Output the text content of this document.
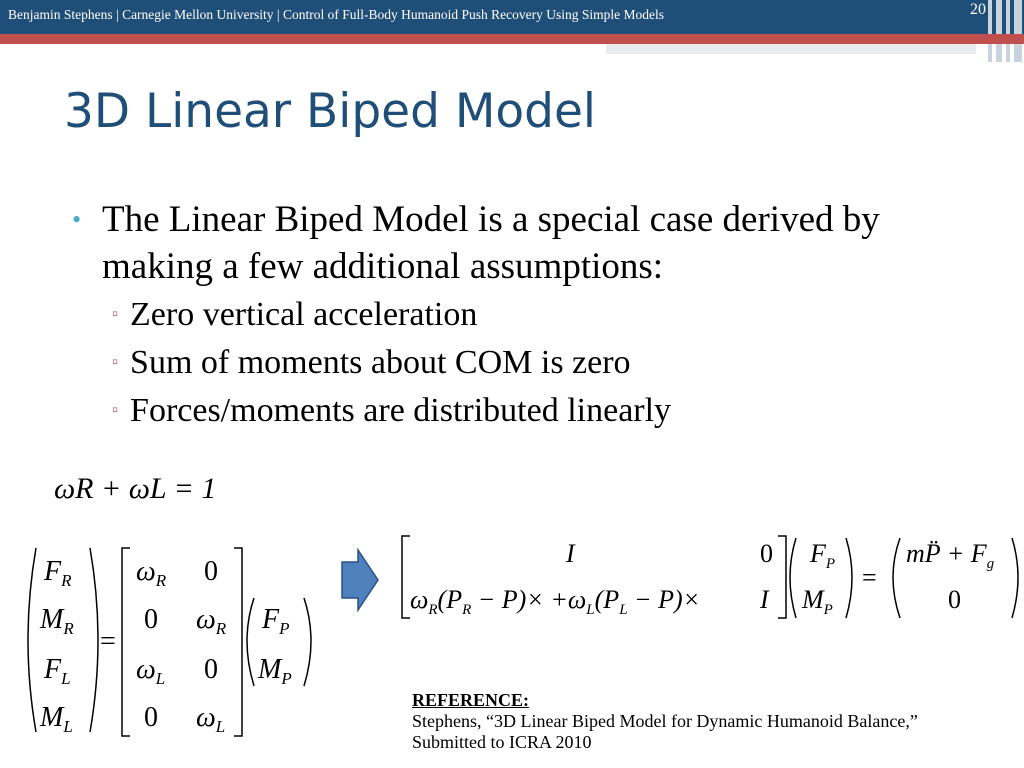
Benjamin Stephens | Carnegie Mellon University | Control of Full-Body Humanoid Push Recovery Using Simple Models	20
3D Linear Biped Model
• The Linear Biped Model is a special case derived by making a few additional assumptions:
▫ Zero vertical acceleration
▫ Sum of moments about COM is zero
▫ Forces/moments are distributed linearly
ωR + ωL = 1
$F_R$
$M_R$
$F_L$
$M_L$
=
$\omega_R$ 0
0 $\omega_R$
$\omega_L$ 0
0 $\omega_L$
$F_P$
$M_P$
I	0
$\omega_R(P_R - P)\times +\omega_L(P_L - P)\times I$
$F_P$
$M_P$
=
mP̈ + $F_g$
0
REFERENCE:
Stephens, “3D Linear Biped Model for Dynamic Humanoid Balance,”
Submitted to ICRA 2010
